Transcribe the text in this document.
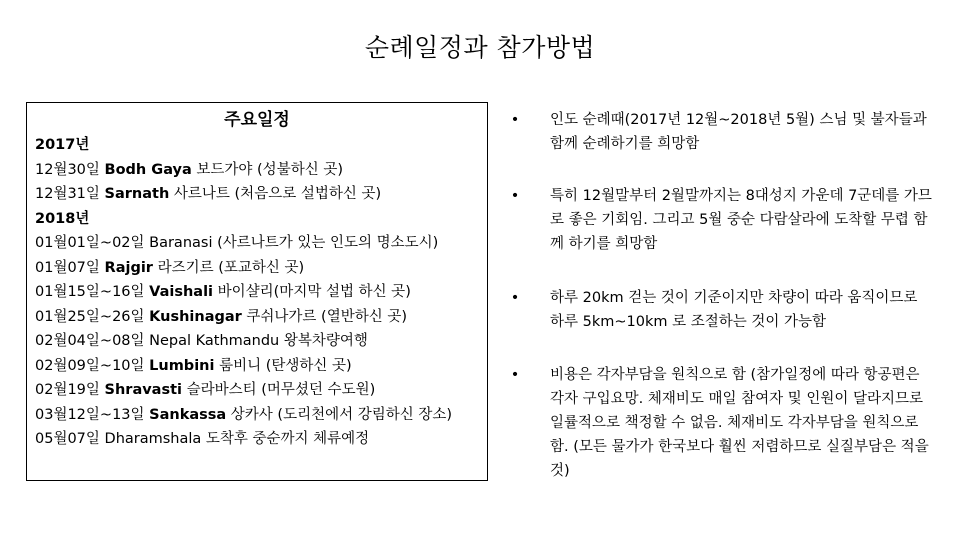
순례일정과 참가방법
주요일정
2017년
12월30일 Bodh Gaya 보드가야 (성불하신 곳)
12월31일 Sarnath 사르나트 (처음으로 설법하신 곳)
2018년
01월01일~02일 Baranasi (사르나트가 있는 인도의 명소도시)
01월07일 Rajgir 라즈기르 (포교하신 곳)
01월15일~16일 Vaishali 바이샬리(마지막 설법 하신 곳)
01월25일~26일 Kushinagar 쿠쉬나가르 (열반하신 곳)
02월04일~08일 Nepal Kathmandu 왕복차량여행
02월09일~10일 Lumbini 룸비니 (탄생하신 곳)
02월19일 Shravasti 슬라바스티 (머무셨던 수도원)
03월12일~13일 Sankassa 상카사 (도리천에서 강림하신 장소)
05월07일 Dharamshala 도착후 중순까지 체류예정
•	인도 순례때(2017년 12월~2018년 5월) 스님 및 불자들과 함께 순례하기를 희망함
•	특히 12월말부터 2월말까지는 8대성지 가운데 7군데를 가므로 좋은 기회임. 그리고 5월 중순 다람살라에 도착할 무렵 함께 하기를 희망함
•	하루 20km 걷는 것이 기준이지만 차량이 따라 움직이므로 하루 5km~10km 로 조절하는 것이 가능함
•	비용은 각자부담을 원칙으로 함 (참가일정에 따라 항공편은 각자 구입요망. 체재비도 매일 참여자 및 인원이 달라지므로 일률적으로 책정할 수 없음. 체재비도 각자부담을 원칙으로 함. (모든 물가가 한국보다 훨씬 저렴하므로 실질부담은 적을 것)
